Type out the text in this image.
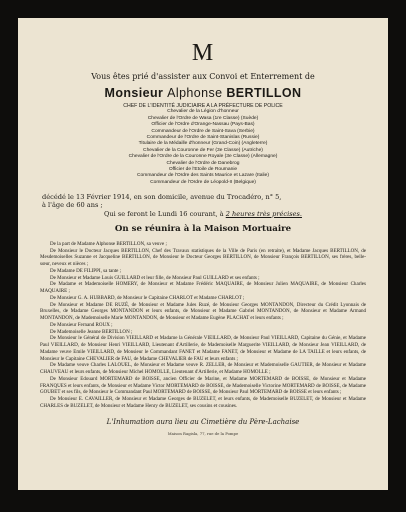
M
Vous êtes prié d'assister aux Convoi et Enterrement de
Monsieur Alphonse BERTILLON
CHEF DE L'IDENTITÉ JUDICIAIRE A LA PRÉFECTURE DE POLICE
Chevalier de la Légion d'honneur
Chevalier de l'Ordre de Wasa (1re Classe) (Suède)
Officier de l'Ordre d'Orange-Nassau (Pays-Bas)
Commandeur de l'Ordre de Saint-Sava (Serbie)
Commandeur de l'Ordre de Saint-Stanislas (Russie)
Titulaire de la Médaille d'honneur (Grand-Coin) (Angleterre)
Chevalier de la Couronne de Fer (3e Classe) (Autriche)
Chevalier de l'Ordre de la Couronne Royale (3e Classe) (Allemagne)
Chevalier de l'Ordre de Danebrog
Officier de l'Etoile de Roumanie
Commandeur de l'Ordre des Saints Maurice et Lazare (Italie)
Commandeur de l'Ordre de Léopold-II (Belgique)
décédé le 13 Février 1914, en son domicile, avenue du Trocadéro, n° 5,
à l'âge de 60 ans ;
Qui se feront le Lundi 16 courant, à 2 heures très précises.
On se réunira à la Maison Mortuaire

De la part de Madame Alphonse BERTILLON, sa veuve ;

De Monsieur le Docteur Jacques BERTILLON, Chef des Travaux statistiques de la Ville de Paris (en retraite), et Madame Jacques BERTILLON, de Mesdemoiselles Suzanne et Jacqueline BERTILLON, de Monsieur le Docteur Georges BERTILLON, de Monsieur François BERTILLON, ses frères, belle-sœur, neveux et nièces ;

De Madame DE FILIPPI, sa tante ;

De Monsieur et Madame Louis GUILLARD et leur fille, de Monsieur Paul GUILLARD et ses enfants ;

De Madame et Mademoiselle HOMERY, de Monsieur et Madame Frédéric MAQUAIRE, de Monsieur Julien MAQUAIRE, de Monsieur Charles MAQUAIRE ;

De Monsieur G. A. HUBBARD, de Monsieur le Capitaine CHARLOT et Madame CHARLOT ;

De Monsieur et Madame DE RUZÉ, de Monsieur et Madame Jules Ruzé, de Monsieur Georges MONTANDON, Directeur du Crédit Lyonnais de Bruxelles, de Madame Georges MONTANDON et leurs enfants, de Monsieur et Madame Gabriel MONTANDON, de Monsieur et Madame Armand MONTANDON, de Mademoiselle Marie MONTANDON, de Monsieur et Madame Eugène PLACHAT et leurs enfants ;

De Monsieur Fernand ROUX ;

De Mademoiselle Jeanne BERTILLON ;

De Monsieur le Général de Division VIEILLARD et Madame la Générale VIEILLARD, de Monsieur Paul VIEILLARD, Capitaine du Génie, et Madame Paul VIEILLARD, de Monsieur Henri VIEILLARD, Lieutenant d'Artillerie, de Mademoiselle Marguerite VIEILLARD, de Monsieur Jean VIEILLARD, de Madame veuve Emile VIEILLARD, de Monsieur le Commandant FANET et Madame FANET, de Monsieur et Madame de LA TAILLE et leurs enfants, de Monsieur le Capitaine CHEVALIER de FAU, de Madame CHEVALIER de FAU et leurs enfants ;

De Madame veuve Charles LALOUEL, de Monsieur et Madame veuve R. ZELLER, de Monsieur et Mademoiselle GAUTIER, de Monsieur et Madame CHAUVEAU et leurs enfants, de Monsieur Michel HOMOLLE, Lieutenant d'Artillerie, et Madame HOMOLLE ;

De Monsieur Edouard MORTEMARD de BOISSE, ancien Officier de Marine, et Madame MORTEMARD de BOISSE, de Monsieur et Madame FRANQUES et leurs enfants, de Monsieur et Madame Victor MORTEMARD de BOISSE, de Mademoiselle Victorine MORTEMARD de BOISSE, de Madame GOUBET et ses fils, de Monsieur le Commandant Paul MORTEMARD de BOISSE, de Monsieur Paul MORTEMARD de BOISSE et leurs enfants ;

De Monsieur E. CAVAILLER, de Monsieur et Madame Georges de BUZELET, et leurs enfants, de Mademoiselle BUZELET, de Monsieur et Madame CHARLES de BUZELET, de Monsieur et Madame Henry de BUZELET, ses cousins et cousines.

L'Inhumation aura lieu au Cimetière du Père-Lachaise
Maison Ragisla, 77, rue de la Pompe
